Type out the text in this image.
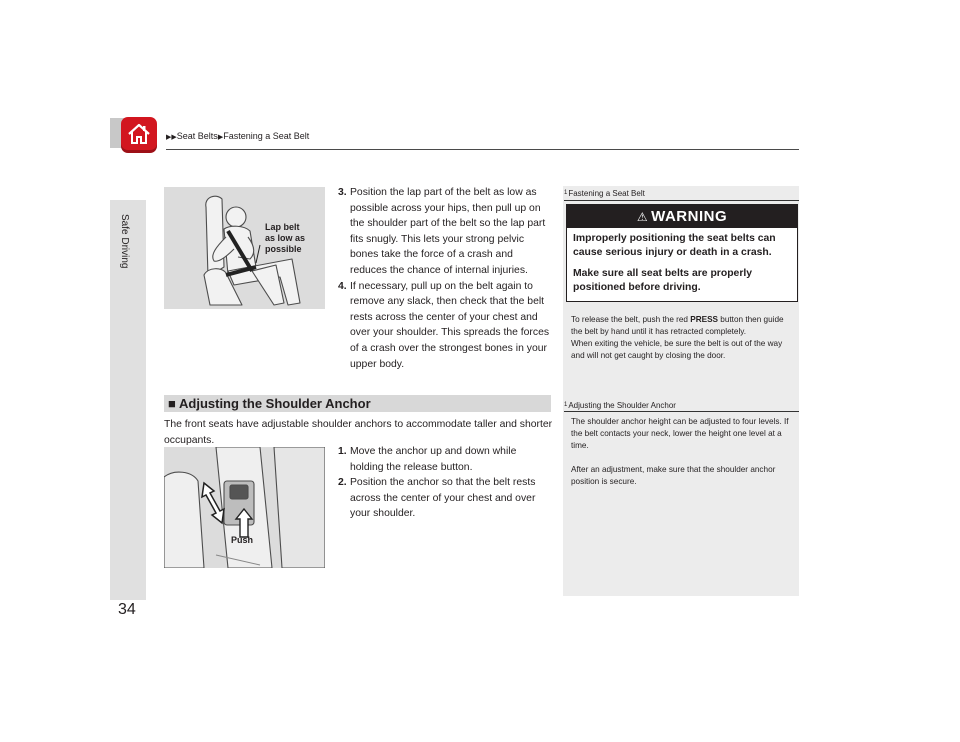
Safe Driving
34
▶▶Seat Belts▶Fastening a Seat Belt
Lap belt
as low as
possible
3. Position the lap part of the belt as low as possible across your hips, then pull up on the shoulder part of the belt so the lap part fits snugly. This lets your strong pelvic bones take the force of a crash and reduces the chance of internal injuries.
4. If necessary, pull up on the belt again to remove any slack, then check that the belt rests across the center of your chest and over your shoulder. This spreads the forces of a crash over the strongest bones in your upper body.
■ Adjusting the Shoulder Anchor
The front seats have adjustable shoulder anchors to accommodate taller and shorter occupants.
Push
1. Move the anchor up and down while holding the release button.
2. Position the anchor so that the belt rests across the center of your chest and over your shoulder.
$^1$Fastening a Seat Belt
⚠ WARNING

Improperly positioning the seat belts can cause serious injury or death in a crash.

Make sure all seat belts are properly positioned before driving.

To release the belt, push the red PRESS button then guide the belt by hand until it has retracted completely.

When exiting the vehicle, be sure the belt is out of the way and will not get caught by closing the door.

$^1$Adjusting the Shoulder Anchor

The shoulder anchor height can be adjusted to four levels. If the belt contacts your neck, lower the height one level at a time.

After an adjustment, make sure that the shoulder anchor position is secure.
